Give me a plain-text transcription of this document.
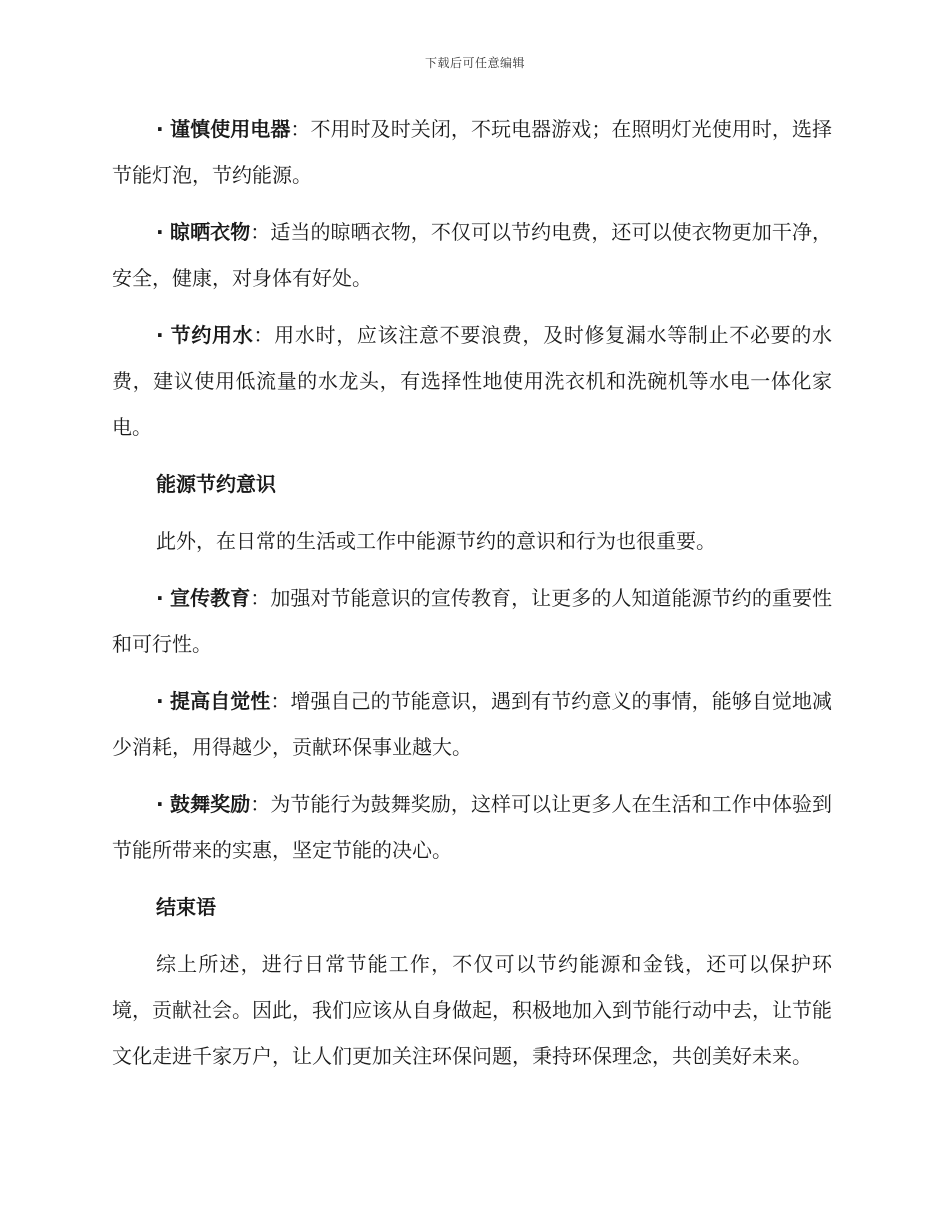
下载后可任意编辑

· 谨慎使用电器：不用时及时关闭，不玩电器游戏；在照明灯光使用时，选择节能灯泡，节约能源。

· 晾晒衣物：适当的晾晒衣物，不仅可以节约电费，还可以使衣物更加干净，安全，健康，对身体有好处。

· 节约用水：用水时，应该注意不要浪费，及时修复漏水等制止不必要的水费，建议使用低流量的水龙头，有选择性地使用洗衣机和洗碗机等水电一体化家电。

能源节约意识

此外，在日常的生活或工作中能源节约的意识和行为也很重要。

· 宣传教育：加强对节能意识的宣传教育，让更多的人知道能源节约的重要性和可行性。

· 提高自觉性：增强自己的节能意识，遇到有节约意义的事情，能够自觉地减少消耗，用得越少，贡献环保事业越大。

· 鼓舞奖励：为节能行为鼓舞奖励，这样可以让更多人在生活和工作中体验到节能所带来的实惠，坚定节能的决心。

结束语

综上所述，进行日常节能工作，不仅可以节约能源和金钱，还可以保护环境，贡献社会。因此，我们应该从自身做起，积极地加入到节能行动中去，让节能文化走进千家万户，让人们更加关注环保问题，秉持环保理念，共创美好未来。
